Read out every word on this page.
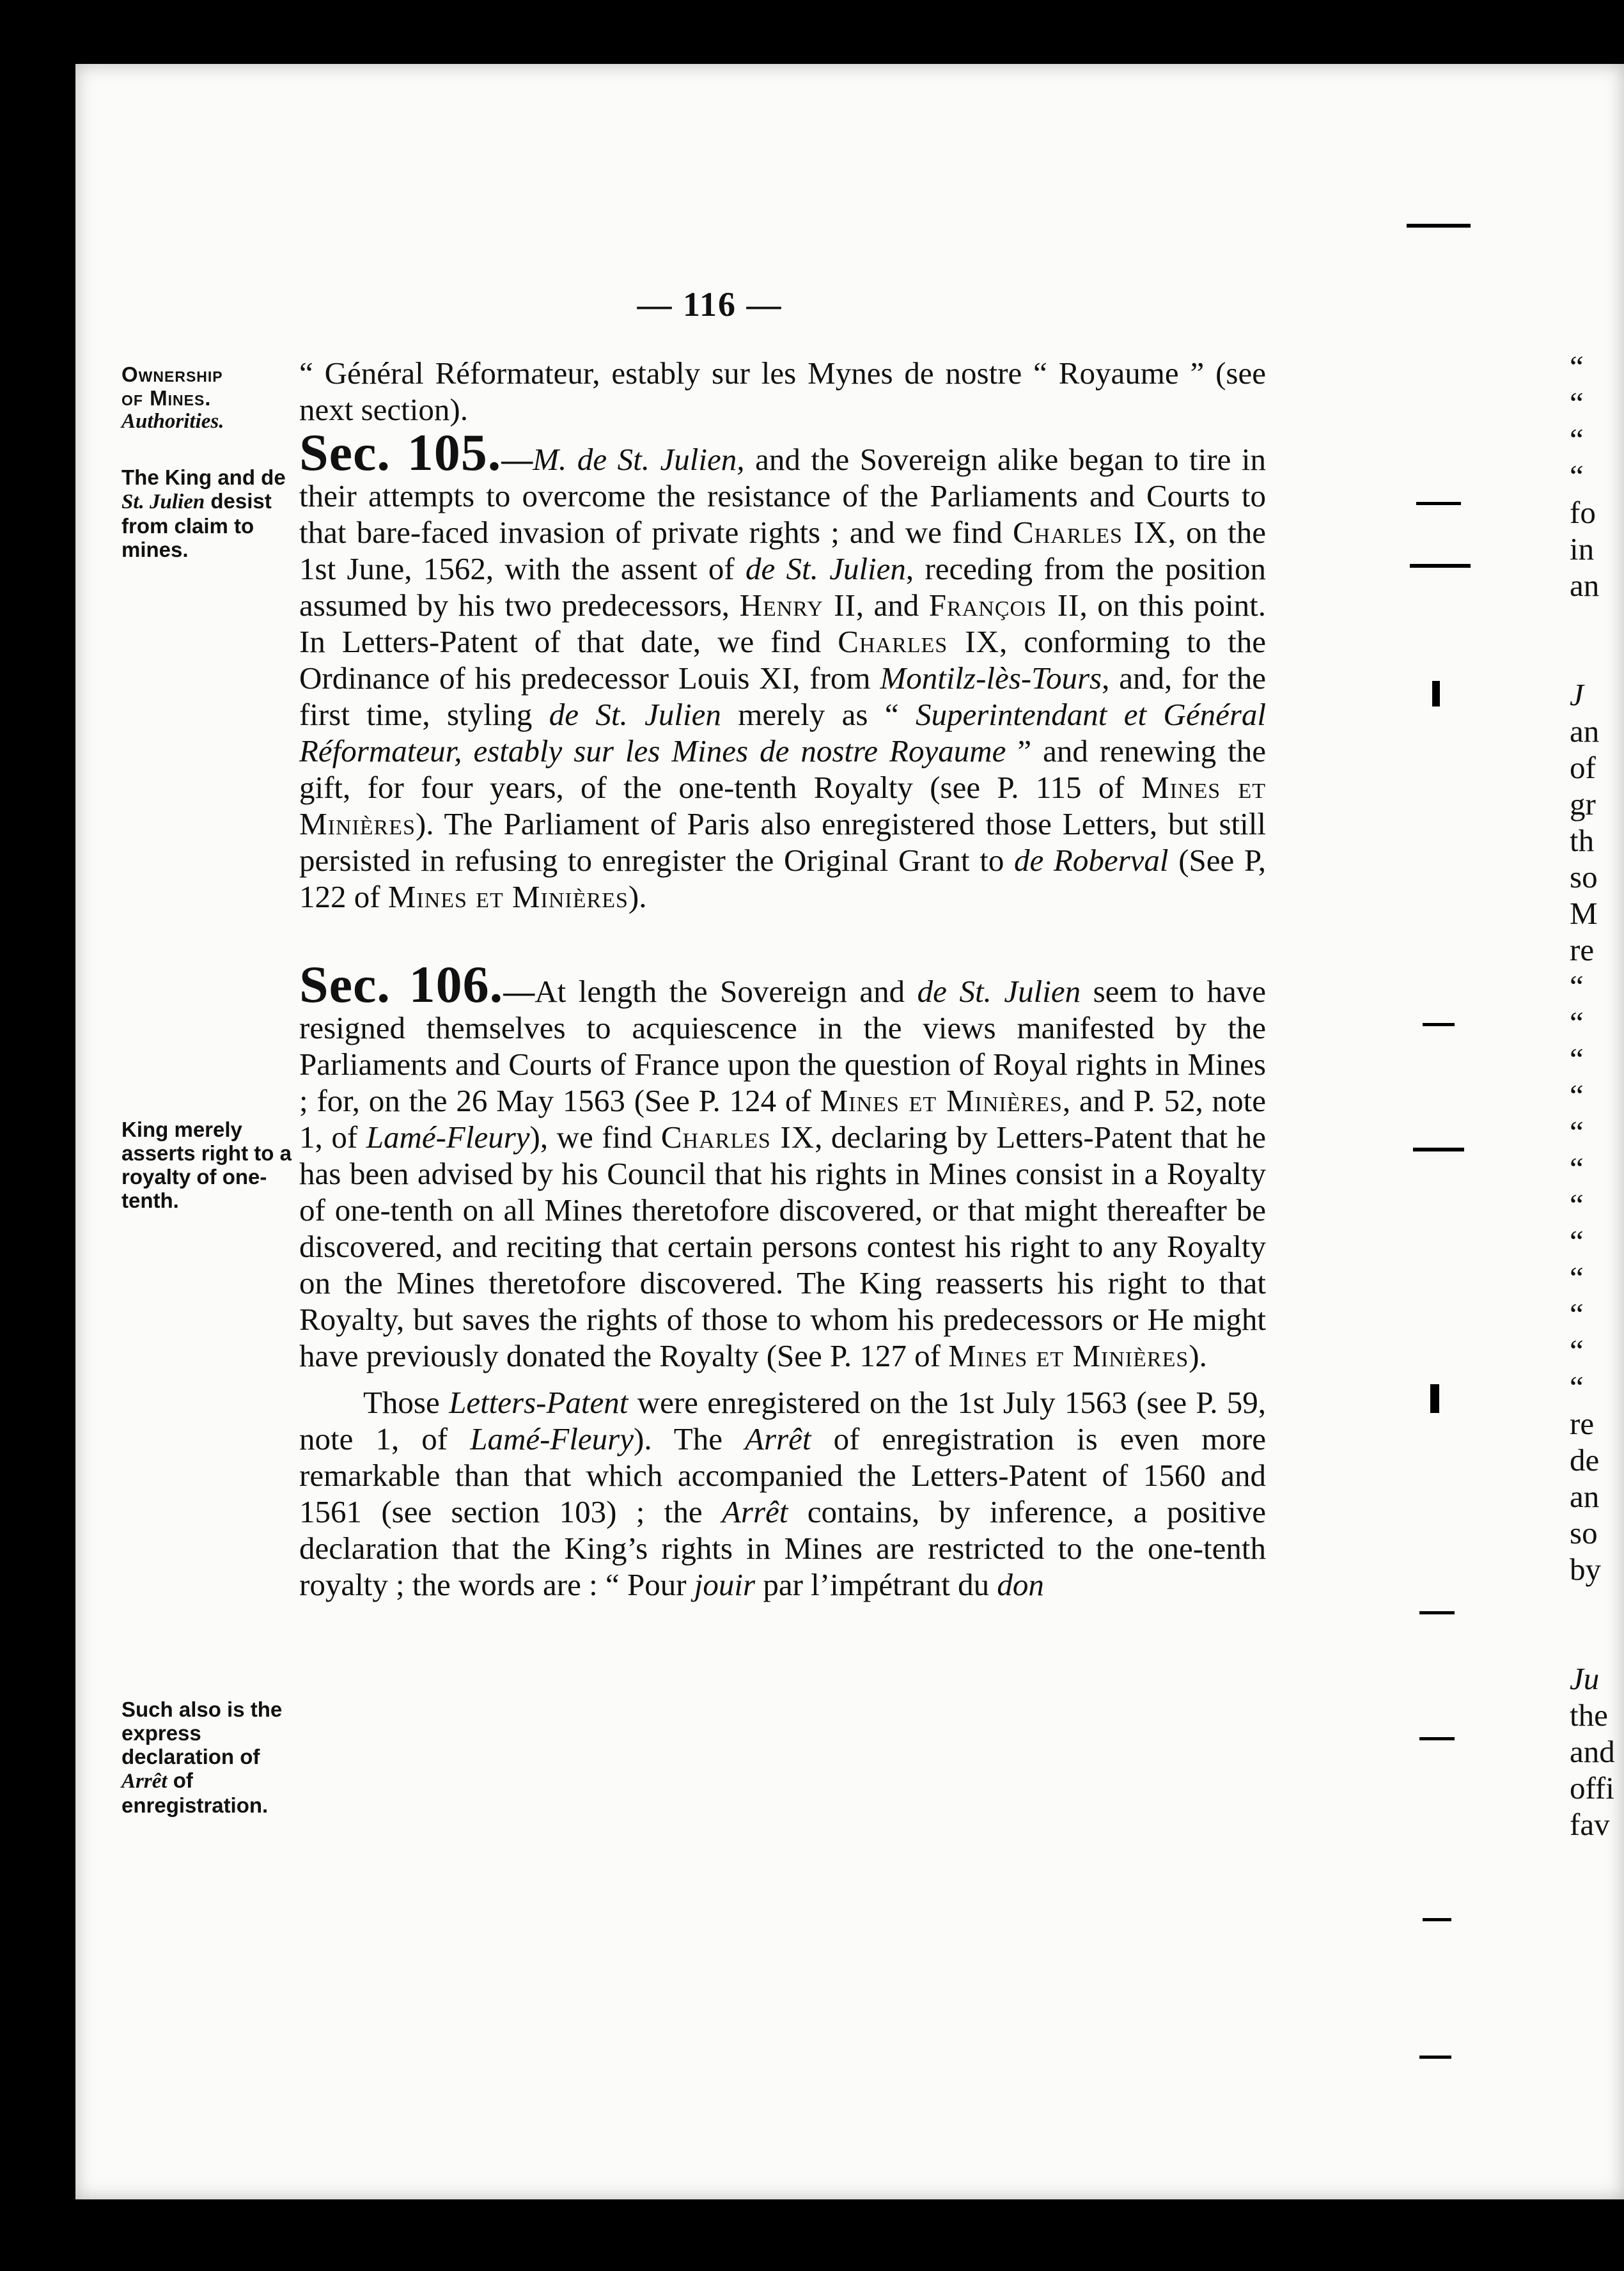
— 116 —
Ownership
of Mines.
Authorities.
The King and de St. Julien desist from claim to mines.
King merely asserts right to a royalty of one-tenth.
Such also is the express declaration of Arrêt of enregistration.

“ Général Réformateur, estably sur les Mynes de nostre “ Royaume ” (see next section).

Sec. 105.—M. de St. Julien, and the Sovereign alike began to tire in their attempts to overcome the resistance of the Parliaments and Courts to that bare-faced invasion of private rights ; and we find Charles IX, on the 1st June, 1562, with the assent of de St. Julien, receding from the position assumed by his two predecessors, Henry II, and François II, on this point. In Letters-Patent of that date, we find Charles IX, conforming to the Ordinance of his predecessor Louis XI, from Montilz-lès-Tours, and, for the first time, styling de St. Julien merely as “ Superintendant et Général Réformateur, estably sur les Mines de nostre Royaume ” and renewing the gift, for four years, of the one-tenth Royalty (see P. 115 of Mines et Minières). The Parliament of Paris also enregistered those Letters, but still persisted in refusing to enregister the Original Grant to de Roberval (See P, 122 of Mines et Minières).

Sec. 106.—At length the Sovereign and de St. Julien seem to have resigned themselves to acquiescence in the views manifested by the Parliaments and Courts of France upon the question of Royal rights in Mines ; for, on the 26 May 1563 (See P. 124 of Mines et Minières, and P. 52, note 1, of Lamé-Fleury), we find Charles IX, declaring by Letters-Patent that he has been advised by his Council that his rights in Mines consist in a Royalty of one-tenth on all Mines theretofore discovered, or that might thereafter be discovered, and reciting that certain persons contest his right to any Royalty on the Mines theretofore discovered. The King reasserts his right to that Royalty, but saves the rights of those to whom his predecessors or He might have previously donated the Royalty (See P. 127 of Mines et Minières).

Those Letters-Patent were enregistered on the 1st July 1563 (see P. 59, note 1, of Lamé-Fleury). The Arrêt of enregistration is even more remarkable than that which accompanied the Letters-Patent of 1560 and 1561 (see section 103) ; the Arrêt contains, by inference, a positive declaration that the King’s rights in Mines are restricted to the one-tenth royalty ; the words are : “ Pour jouir par l’impétrant du don

“
“
“
“
fo
in
an
J
an
of
gr
th
so
M
re
“
“
“
“
“
“
“
“
“
“
“
“
re
de
an
so
by
Ju
the
and
offi
fav
